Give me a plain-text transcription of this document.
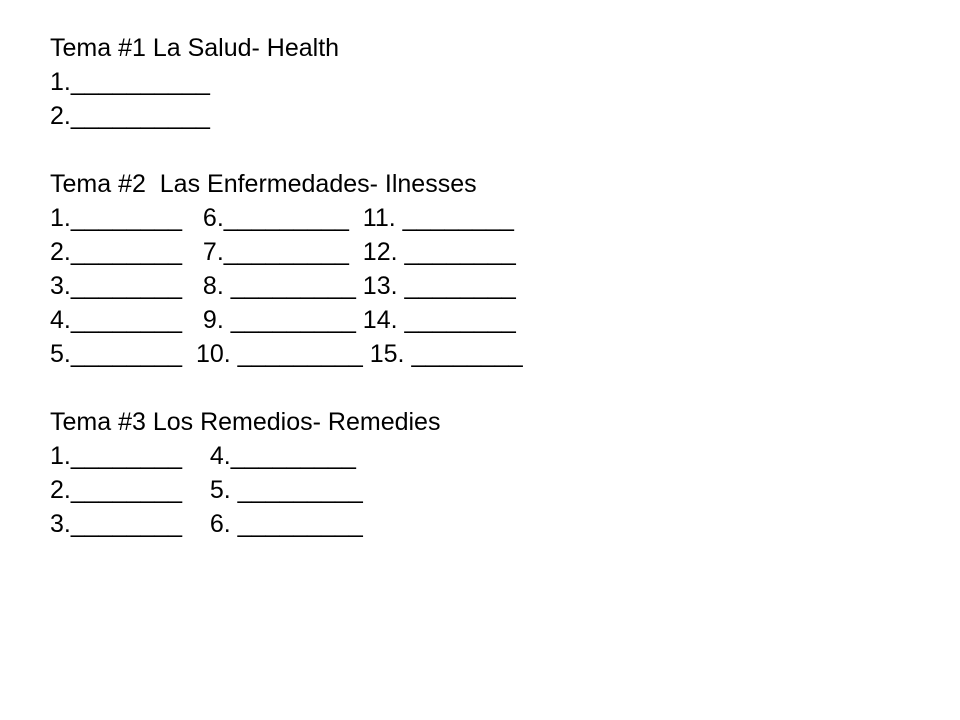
Tema #1 La Salud- Health
1.__________
2.__________
Tema #2  Las Enfermedades- Ilnesses
1.________   6._________  11. ________
2.________   7._________  12. ________
3.________   8. _________ 13. ________
4.________   9. _________ 14. ________
5.________  10. _________ 15. ________
Tema #3 Los Remedios- Remedies
1.________    4._________
2.________    5. _________
3.________    6. _________
